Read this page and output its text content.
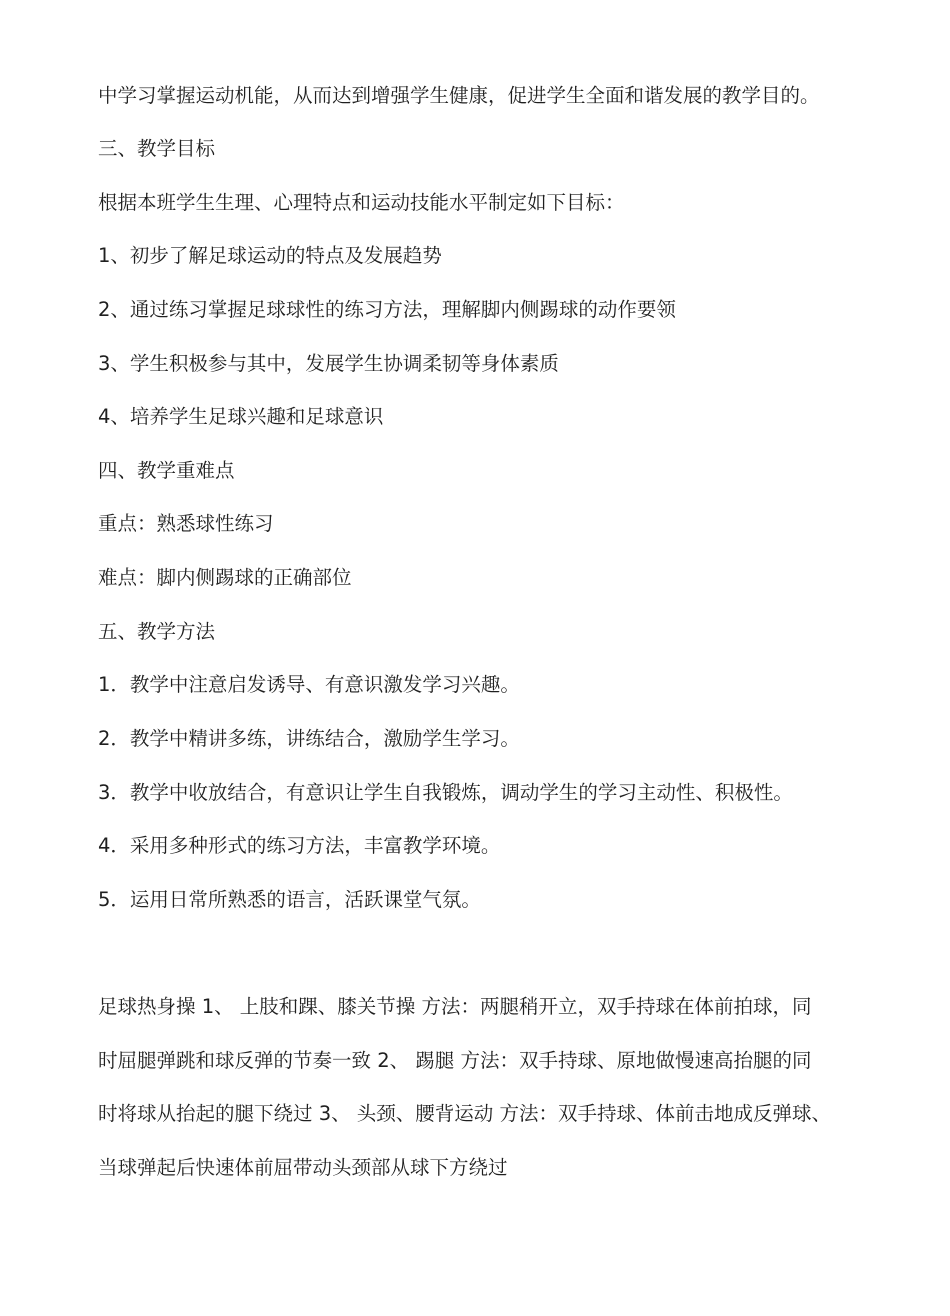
中学习掌握运动机能，从而达到增强学生健康，促进学生全面和谐发展的教学目的。
三、教学目标
根据本班学生生理、心理特点和运动技能水平制定如下目标：
1、初步了解足球运动的特点及发展趋势
2、通过练习掌握足球球性的练习方法，理解脚内侧踢球的动作要领
3、学生积极参与其中，发展学生协调柔韧等身体素质
4、培养学生足球兴趣和足球意识
四、教学重难点
重点：熟悉球性练习
难点：脚内侧踢球的正确部位
五、教学方法
1．教学中注意启发诱导、有意识激发学习兴趣。
2．教学中精讲多练，讲练结合，激励学生学习。
3．教学中收放结合，有意识让学生自我锻炼，调动学生的学习主动性、积极性。
4．采用多种形式的练习方法，丰富教学环境。
5．运用日常所熟悉的语言，活跃课堂气氛。
足球热身操 1、 上肢和踝、膝关节操 方法：两腿稍开立，双手持球在体前拍球，同
时屈腿弹跳和球反弹的节奏一致 2、 踢腿 方法：双手持球、原地做慢速高抬腿的同
时将球从抬起的腿下绕过 3、 头颈、腰背运动 方法：双手持球、体前击地成反弹球、
当球弹起后快速体前屈带动头颈部从球下方绕过
